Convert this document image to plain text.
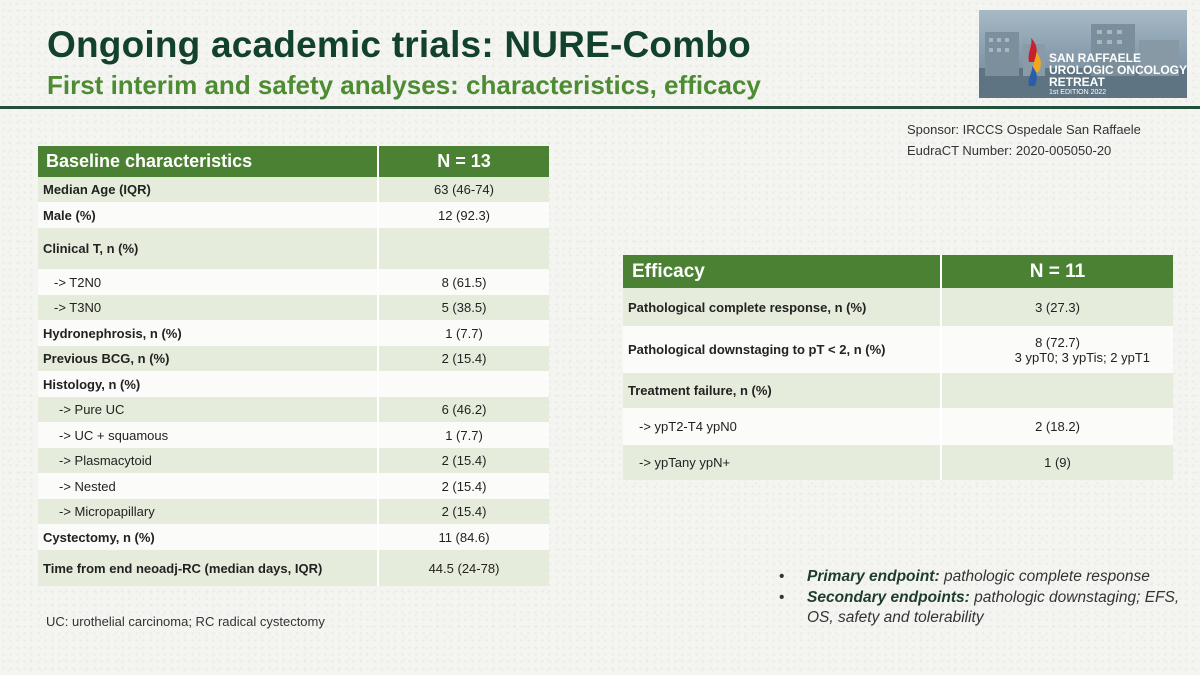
Ongoing academic trials: NURE-Combo
First interim and safety analyses: characteristics, efficacy
SAN RAFFAELE
UROLOGIC ONCOLOGY
RETREAT
1st EDITION 2022
Sponsor: IRCCS Ospedale San Raffaele
EudraCT Number: 2020-005050-20
Baseline characteristics	N = 13
Median Age (IQR)	63 (46-74)
Male (%)	12 (92.3)
Clinical T, n (%)	
-> T2N0	8 (61.5)
-> T3N0	5 (38.5)
Hydronephrosis, n (%)	1 (7.7)
Previous BCG, n (%)	2 (15.4)
Histology, n (%)	
-> Pure UC	6 (46.2)
-> UC + squamous	1 (7.7)
-> Plasmacytoid	2 (15.4)
-> Nested	2 (15.4)
-> Micropapillary	2 (15.4)
Cystectomy, n (%)	11 (84.6)
Time from end neoadj-RC (median days, IQR)	44.5 (24-78)
Efficacy	N = 11
Pathological complete response, n (%)	3 (27.3)
Pathological downstaging to pT < 2, n (%)	8 (72.7)
3 ypT0; 3 ypTis; 2 ypT1

Treatment failure, n (%)	
-> ypT2-T4 ypN0	2 (18.2)
-> ypTany ypN+	1 (9)
UC: urothelial carcinoma; RC radical cystectomy
• Primary endpoint: pathologic complete response
• Secondary endpoints: pathologic downstaging; EFS, OS, safety and tolerability
